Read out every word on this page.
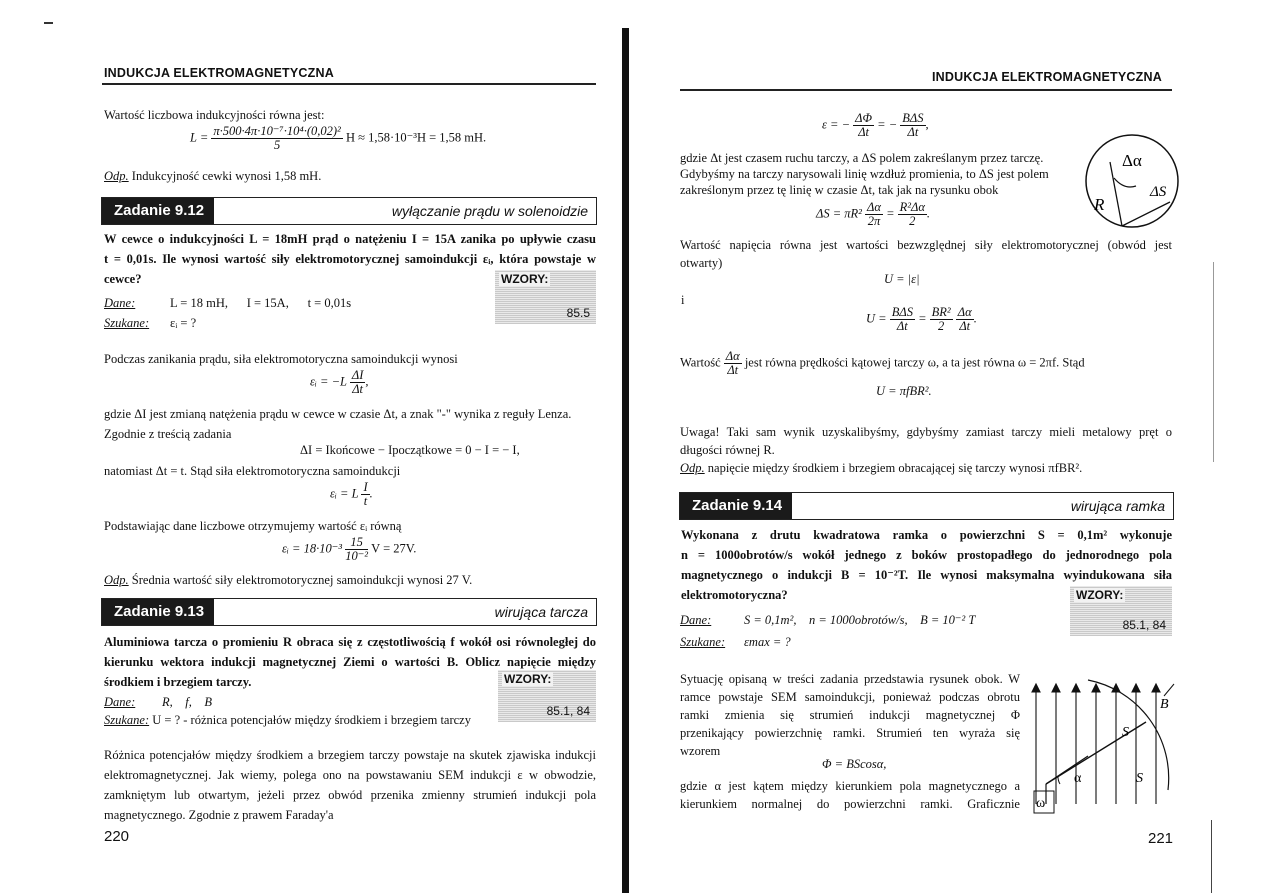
INDUKCJA ELEKTROMAGNETYCZNA
Wartość liczbowa indukcyjności równa jest:
$L = \frac{\text{π·500·4π·10⁻⁷·10⁴·(0,02)²}}{5}$ H ≈ 1,58·10⁻³H = 1,58 mH.
Odp. Indukcyjność cewki wynosi 1,58 mH.
Zadanie 9.12	wyłączanie prądu w solenoidzie
W cewce o indukcyjności L = 18mH prąd o natężeniu I = 15A zanika po upływie czasu
t = 0,01s. Ile wynosi wartość siły elektromotorycznej samoindukcji εᵢ, która powstaje w
cewce?	WZORY:
85.5
Dane:	L = 18 mH,      I = 15A,      t = 0,01s
Szukane: εᵢ = ?
Podczas zanikania prądu, siła elektromotoryczna samoindukcji wynosi
εᵢ = $-L \frac{\Delta I}{\Delta t}$ ,
gdzie ΔI jest zmianą natężenia prądu w cewce w czasie Δt, a znak "-" wynika z reguły Lenza.
Zgodnie z treścią zadania
ΔI = Ikońcowe − Ipoczątkowe = 0 − I = − I,
natomiast Δt = t. Stąd siła elektromotoryczna samoindukcji
εᵢ = L $\frac{I}{t}$ .
Podstawiając dane liczbowe otrzymujemy wartość εᵢ równą
εᵢ = $18\cdot 10^{-3} \frac{15}{\text{10⁻²}}$ V = 27V.
Odp. Średnia wartość siły elektromotorycznej samoindukcji wynosi 27 V.
Zadanie 9.13	wirująca tarcza
Aluminiowa tarcza o promieniu R obraca się z częstotliwością f wokół osi równoległej do
kierunku wektora indukcji magnetycznej Ziemi o wartości B. Oblicz napięcie między
środkiem i brzegiem tarczy.	WZORY:
85.1, 84
Dane: R,    f,    B
Szukane: U = ? - różnica potencjałów między środkiem i brzegiem tarczy
Różnica potencjałów między środkiem a brzegiem tarczy powstaje na skutek zjawiska indukcji
elektromagnetycznej. Jak wiemy, polega ono na powstawaniu SEM indukcji ε w obwodzie,
zamkniętym lub otwartym, jeżeli przez obwód przenika zmienny strumień indukcji pola
magnetycznego. Zgodnie z prawem Faraday'a
220
INDUKCJA ELEKTROMAGNETYCZNA
ε = − $\frac{\Delta\Phi}{\Delta t}$ = − $\frac{\text{BΔS}}{\Delta t}$ ,
gdzie Δt jest czasem ruchu tarczy, a ΔS polem zakreślanym przez tarczę.
Gdybyśmy na tarczy narysowali linię wzdłuż promienia, to ΔS jest polem
zakreślonym przez tę linię w czasie Δt, tak jak na rysunku obok
$\Delta S = \pi R^2 \frac{\Delta\alpha}{2\pi} = \frac{\text{R²Δα}}{2}$ .
Δα
ΔS
R
Wartość napięcia równa jest wartości bezwzględnej siły elektromotorycznej (obwód jest
otwarty)
U = |ε|
i
$U = \frac{\text{BΔS}}{\Delta t} = \frac{\text{BR²}}{2}$
$\frac{\Delta\alpha}{\Delta t}$ .
Wartość $\frac{\Delta\alpha}{\Delta t}$ jest równa prędkości kątowej tarczy ω, a ta jest równa ω = 2πf. Stąd
U = πfBR².
Uwaga! Taki sam wynik uzyskalibyśmy, gdybyśmy zamiast tarczy mieli metalowy pręt o
długości równej R.
Odp. napięcie między środkiem i brzegiem obracającej się tarczy wynosi πfBR².
Zadanie 9.14	wirująca ramka
Wykonana z drutu kwadratowa ramka o powierzchni S = 0,1m² wykonuje
n = 1000obrotów/s wokół jednego z boków prostopadłego do jednorodnego pola
magnetycznego o indukcji B = 10⁻²T. Ile wynosi maksymalna wyindukowana siła
elektromotoryczna?	WZORY:
85.1, 84
Dane:	S = 0,1m²,    n = 1000obrotów/s,    B = 10⁻² T
Szukane: εmax = ?
Sytuację opisaną w treści zadania przedstawia rysunek obok. W
ramce powstaje SEM samoindukcji, ponieważ podczas obrotu
ramki zmienia się strumień indukcji magnetycznej Φ
przenikający powierzchnię ramki. Strumień ten wyraża się
wzorem
Φ = BScosα,
gdzie α jest kątem między kierunkiem pola magnetycznego a
kierunkiem normalnej do powierzchni ramki. Graficznie
B
S
S
α
ω
221
